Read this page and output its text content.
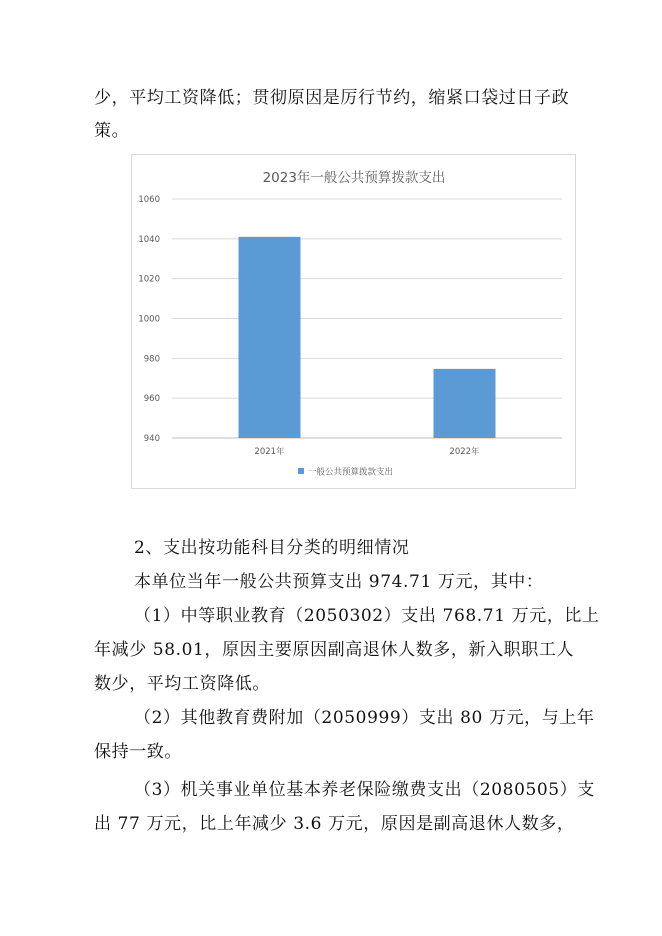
少，平均工资降低；贯彻原因是厉行节约，缩紧口袋过日子政
策。
2023年一般公共预算拨款支出
940
960
980
1000
1020
1040
1060
2021年	2022年
一般公共预算拨款支出
2、支出按功能科目分类的明细情况
本单位当年一般公共预算支出 974.71 万元，其中：
（1）中等职业教育（2050302）支出 768.71 万元，比上
年减少 58.01，原因主要原因副高退休人数多，新入职职工人
数少，平均工资降低。
（2）其他教育费附加（2050999）支出 80 万元，与上年
保持一致。
（3）机关事业单位基本养老保险缴费支出（2080505）支
出 77 万元，比上年减少 3.6 万元，原因是副高退休人数多，
